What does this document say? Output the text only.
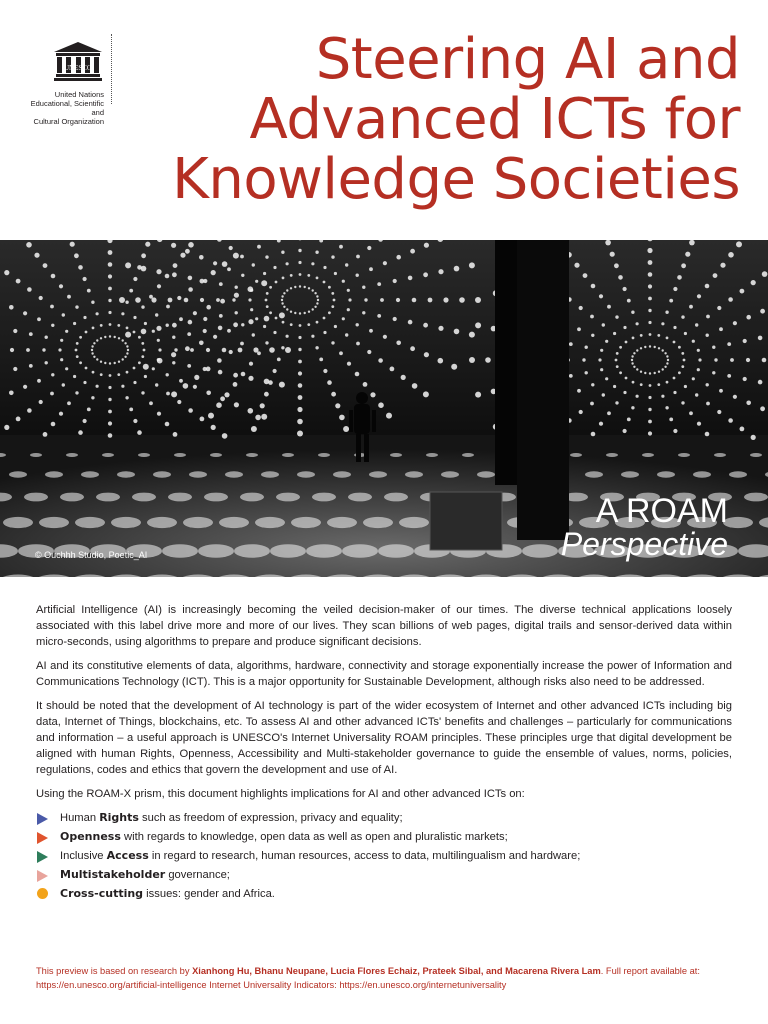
UNESCO
United Nations
Educational, Scientific and
Cultural Organization
Steering AI and
Advanced ICTs for
Knowledge Societies
A ROAM
Perspective
© Ouchhh Studio, Poetic_AI

Artificial Intelligence (AI) is increasingly becoming the veiled decision-maker of our times. The diverse technical applications loosely associated with this label drive more and more of our lives. They scan billions of web pages, digital trails and sensor-derived data within micro-seconds, using algorithms to prepare and produce significant decisions.

AI and its constitutive elements of data, algorithms, hardware, connectivity and storage exponentially increase the power of Information and Communications Technology (ICT). This is a major opportunity for Sustainable Development, although risks also need to be addressed.

It should be noted that the development of AI technology is part of the wider ecosystem of Internet and other advanced ICTs including big data, Internet of Things, blockchains, etc. To assess AI and other advanced ICTs' benefits and challenges – particularly for communications and information – a useful approach is UNESCO's Internet Universality ROAM principles. These principles urge that digital development be aligned with human Rights, Openness, Accessibility and Multi-stakeholder governance to guide the ensemble of values, norms, policies, regulations, codes and ethics that govern the development and use of AI.

Using the ROAM-X prism, this document highlights implications for AI and other advanced ICTs on:

Human Rights such as freedom of expression, privacy and equality;
Openness with regards to knowledge, open data as well as open and pluralistic markets;
Inclusive Access in regard to research, human resources, access to data, multilingualism and hardware;
Multistakeholder governance;
Cross-cutting issues: gender and Africa.
This preview is based on research by Xianhong Hu, Bhanu Neupane, Lucia Flores Echaiz, Prateek Sibal, and Macarena Rivera Lam. Full report available at: https://en.unesco.org/artificial-intelligence Internet Universality Indicators: https://en.unesco.org/internetuniversality
